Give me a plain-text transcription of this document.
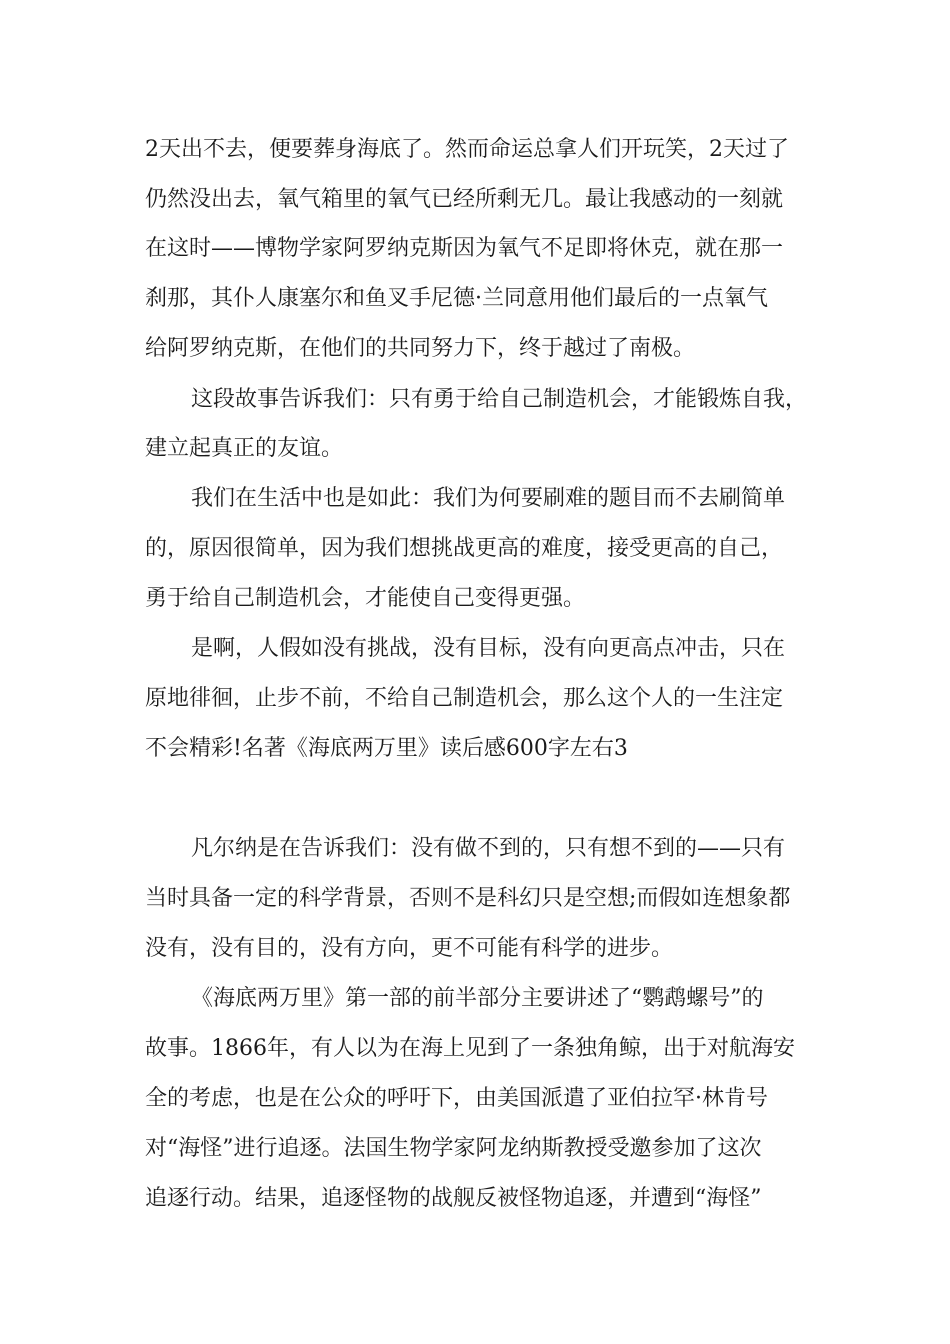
2天出不去，便要葬身海底了。然而命运总拿人们开玩笑，2天过了
仍然没出去，氧气箱里的氧气已经所剩无几。最让我感动的一刻就
在这时——博物学家阿罗纳克斯因为氧气不足即将休克，就在那一
刹那，其仆人康塞尔和鱼叉手尼德·兰同意用他们最后的一点氧气
给阿罗纳克斯，在他们的共同努力下，终于越过了南极。
这段故事告诉我们：只有勇于给自己制造机会，才能锻炼自我，
建立起真正的友谊。
我们在生活中也是如此：我们为何要刷难的题目而不去刷简单
的，原因很简单，因为我们想挑战更高的难度，接受更高的自己，
勇于给自己制造机会，才能使自己变得更强。
是啊，人假如没有挑战，没有目标，没有向更高点冲击，只在
原地徘徊，止步不前，不给自己制造机会，那么这个人的一生注定
不会精彩!名著《海底两万里》读后感600字左右3
凡尔纳是在告诉我们：没有做不到的，只有想不到的——只有
当时具备一定的科学背景，否则不是科幻只是空想;而假如连想象都
没有，没有目的，没有方向，更不可能有科学的进步。
《海底两万里》第一部的前半部分主要讲述了“鹦鹉螺号”的
故事。1866年，有人以为在海上见到了一条独角鲸，出于对航海安
全的考虑，也是在公众的呼吁下，由美国派遣了亚伯拉罕·林肯号
对“海怪”进行追逐。法国生物学家阿龙纳斯教授受邀参加了这次
追逐行动。结果，追逐怪物的战舰反被怪物追逐，并遭到“海怪”
